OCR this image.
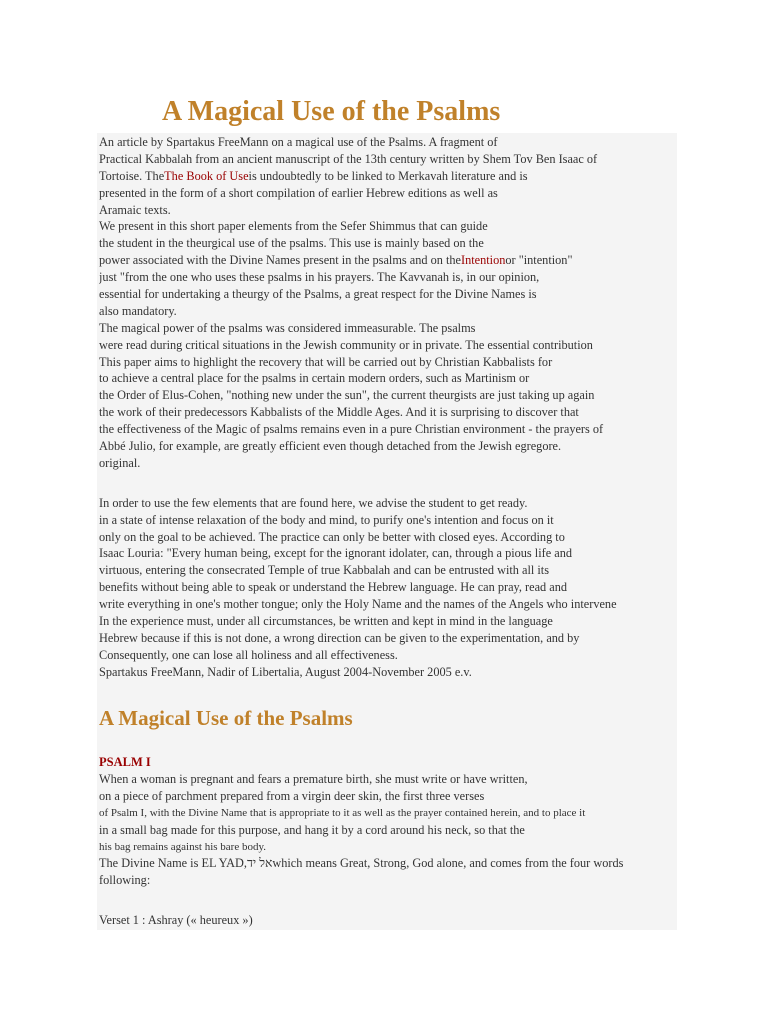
A Magical Use of the Psalms
An article by Spartakus FreeMann on a magical use of the Psalms. A fragment of
Practical Kabbalah from an ancient manuscript of the 13th century written by Shem Tov Ben Isaac of
Tortoise. TheThe Book of Useis undoubtedly to be linked to Merkavah literature and is
presented in the form of a short compilation of earlier Hebrew editions as well as
Aramaic texts.
We present in this short paper elements from the Sefer Shimmus that can guide
the student in the theurgical use of the psalms. This use is mainly based on the
power associated with the Divine Names present in the psalms and on theIntentionor "intention"
just "from the one who uses these psalms in his prayers. The Kavvanah is, in our opinion,
essential for undertaking a theurgy of the Psalms, a great respect for the Divine Names is
also mandatory.
The magical power of the psalms was considered immeasurable. The psalms
were read during critical situations in the Jewish community or in private. The essential contribution
This paper aims to highlight the recovery that will be carried out by Christian Kabbalists for
to achieve a central place for the psalms in certain modern orders, such as Martinism or
the Order of Elus-Cohen, "nothing new under the sun", the current theurgists are just taking up again
the work of their predecessors Kabbalists of the Middle Ages. And it is surprising to discover that
the effectiveness of the Magic of psalms remains even in a pure Christian environment - the prayers of
Abbé Julio, for example, are greatly efficient even though detached from the Jewish egregore.
original.
In order to use the few elements that are found here, we advise the student to get ready.
in a state of intense relaxation of the body and mind, to purify one's intention and focus on it
only on the goal to be achieved. The practice can only be better with closed eyes. According to
Isaac Louria: "Every human being, except for the ignorant idolater, can, through a pious life and
virtuous, entering the consecrated Temple of true Kabbalah and can be entrusted with all its
benefits without being able to speak or understand the Hebrew language. He can pray, read and
write everything in one's mother tongue; only the Holy Name and the names of the Angels who intervene
In the experience must, under all circumstances, be written and kept in mind in the language
Hebrew because if this is not done, a wrong direction can be given to the experimentation, and by
Consequently, one can lose all holiness and all effectiveness.
Spartakus FreeMann, Nadir of Libertalia, August 2004-November 2005 e.v.
A Magical Use of the Psalms
PSALM I
When a woman is pregnant and fears a premature birth, she must write or have written,
on a piece of parchment prepared from a virgin deer skin, the first three verses
of Psalm I, with the Divine Name that is appropriate to it as well as the prayer contained herein, and to place it
in a small bag made for this purpose, and hang it by a cord around his neck, so that the
his bag remains against his bare body.
The Divine Name is EL YAD,אל ידwhich means Great, Strong, God alone, and comes from the four words
following:
Verset 1 : Ashray (« heureux »)
